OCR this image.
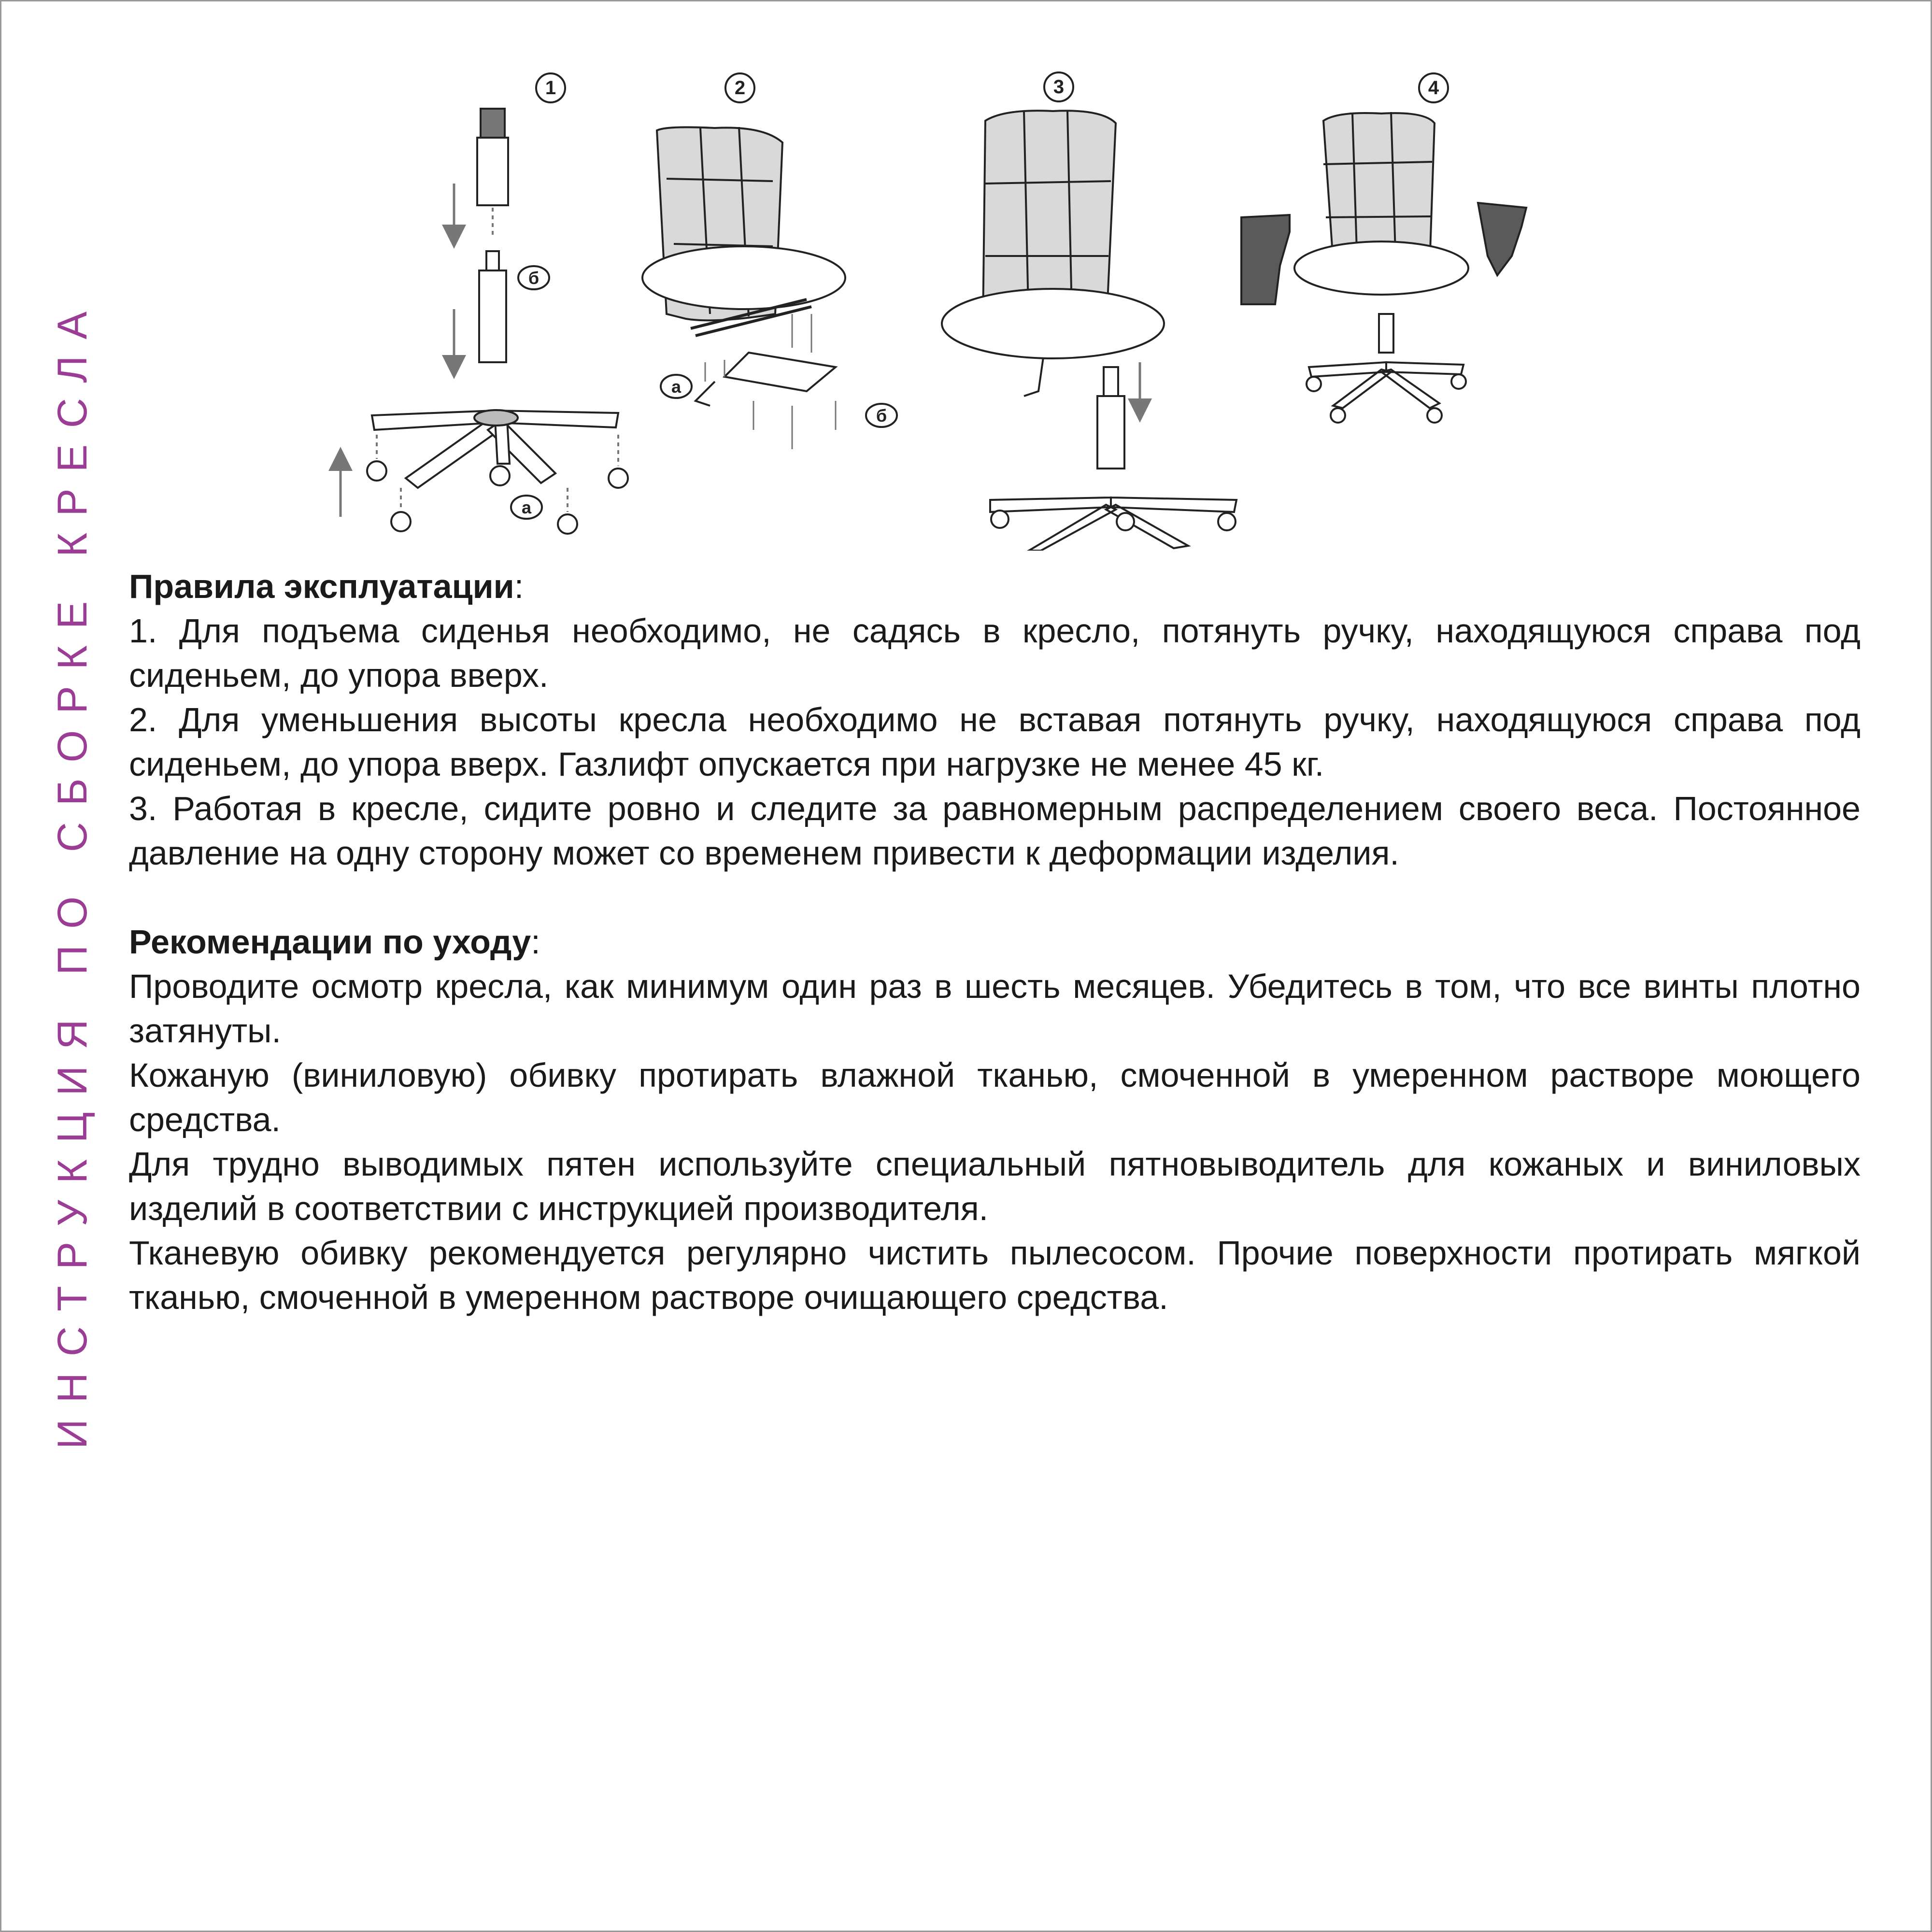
ИНСТРУКЦИЯ ПО СБОРКЕ КРЕСЛА
1
б
а
2
а
б
3	4

Правила эксплуатации:

1. Для подъема сиденья необходимо, не садясь в кресло, потянуть ручку, находящуюся справа под сиденьем, до упора вверх.

2. Для уменьшения высоты кресла необходимо не вставая потянуть ручку, находящуюся справа под сиденьем, до упора вверх. Газлифт опускается при нагрузке не менее 45 кг.

3. Работая в кресле, сидите ровно и следите за равномерным распределением своего веса. Постоянное давление на одну сторону может со временем привести к деформации изделия.

Рекомендации по уходу:

Проводите осмотр кресла, как минимум один раз в шесть месяцев. Убедитесь в том, что все винты плотно затянуты.

Кожаную (виниловую) обивку протирать влажной тканью, смоченной в умеренном растворе моющего средства.

Для трудно выводимых пятен используйте специальный пятновыводитель для кожаных и виниловых изделий в соответствии с инструкцией производителя.

Тканевую обивку рекомендуется регулярно чистить пылесосом. Прочие поверхности протирать мягкой тканью, смоченной в умеренном растворе очищающего средства.
